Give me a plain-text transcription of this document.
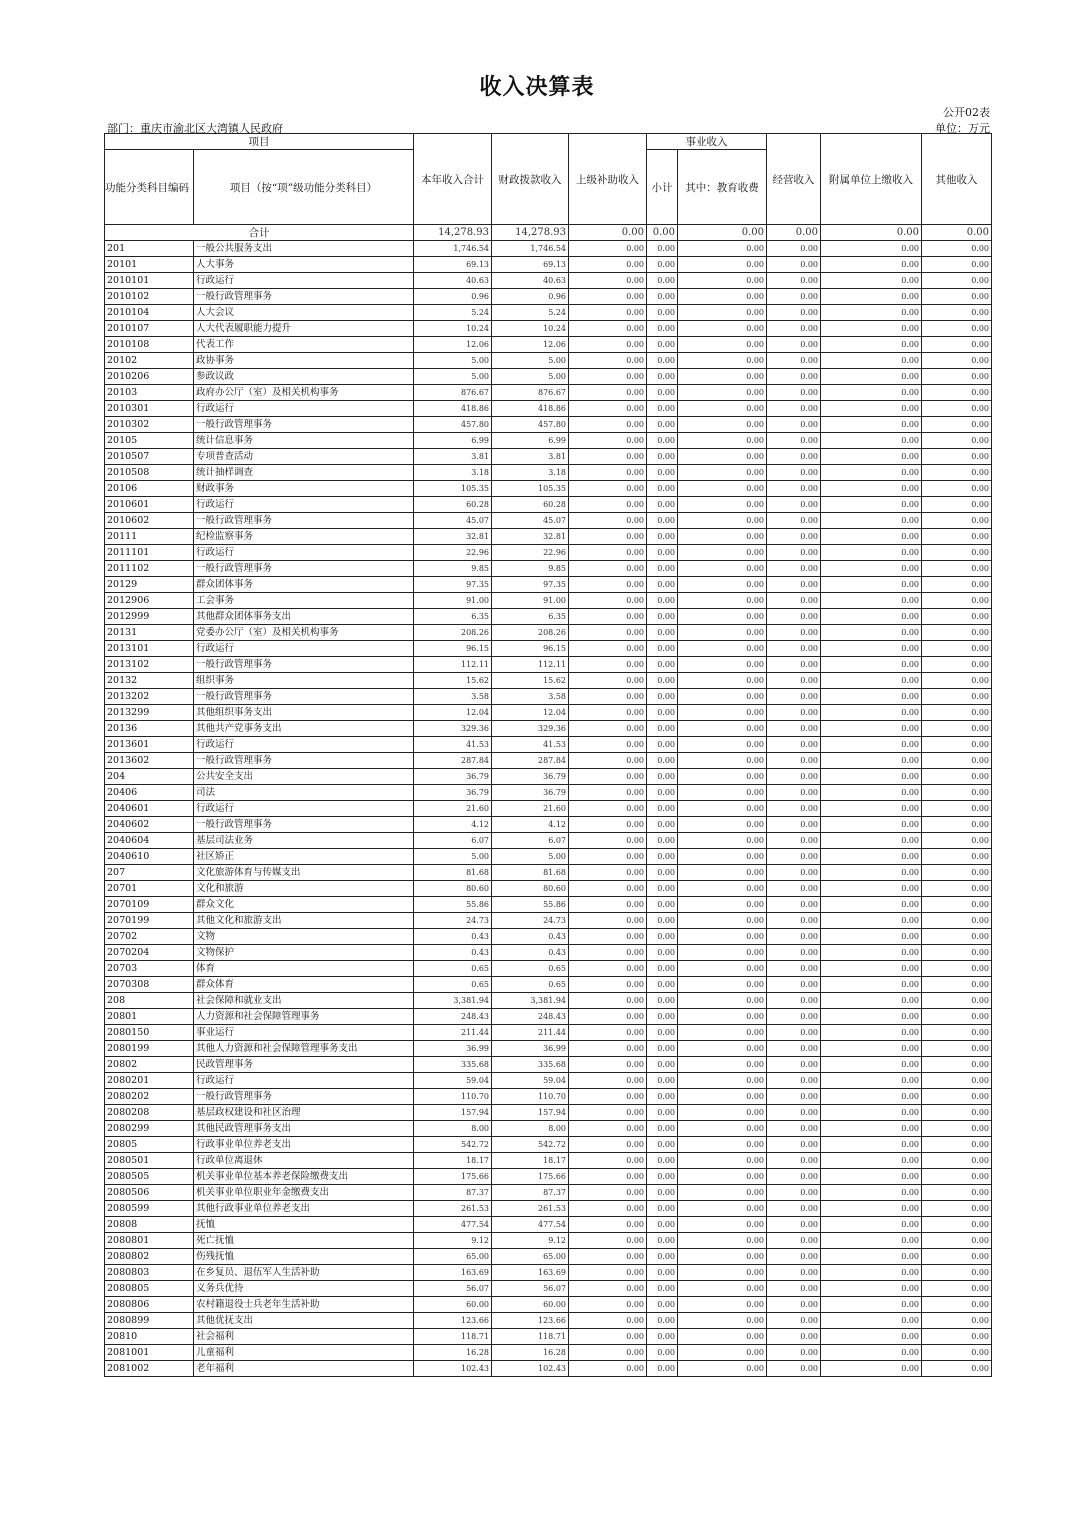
收入决算表
公开02表
部门：重庆市渝北区大湾镇人民政府	单位：万元
项目		本年收入合计	财政拨款收入	上级补助收入	事业收入		经营收入	附属单位上缴收入	其他收入
功能分类科目编码	项目（按“项”级功能分类科目）				小计	其中：教育收费			
合计		14,278.93	14,278.93	0.00	0.00	0.00	0.00	0.00	0.00
201	一般公共服务支出	1,746.54	1,746.54	0.00	0.00	0.00	0.00	0.00	0.00
20101	人大事务	69.13	69.13	0.00	0.00	0.00	0.00	0.00	0.00
2010101	行政运行	40.63	40.63	0.00	0.00	0.00	0.00	0.00	0.00
2010102	一般行政管理事务	0.96	0.96	0.00	0.00	0.00	0.00	0.00	0.00
2010104	人大会议	5.24	5.24	0.00	0.00	0.00	0.00	0.00	0.00
2010107	人大代表履职能力提升	10.24	10.24	0.00	0.00	0.00	0.00	0.00	0.00
2010108	代表工作	12.06	12.06	0.00	0.00	0.00	0.00	0.00	0.00
20102	政协事务	5.00	5.00	0.00	0.00	0.00	0.00	0.00	0.00
2010206	参政议政	5.00	5.00	0.00	0.00	0.00	0.00	0.00	0.00
20103	政府办公厅（室）及相关机构事务	876.67	876.67	0.00	0.00	0.00	0.00	0.00	0.00
2010301	行政运行	418.86	418.86	0.00	0.00	0.00	0.00	0.00	0.00
2010302	一般行政管理事务	457.80	457.80	0.00	0.00	0.00	0.00	0.00	0.00
20105	统计信息事务	6.99	6.99	0.00	0.00	0.00	0.00	0.00	0.00
2010507	专项普查活动	3.81	3.81	0.00	0.00	0.00	0.00	0.00	0.00
2010508	统计抽样调查	3.18	3.18	0.00	0.00	0.00	0.00	0.00	0.00
20106	财政事务	105.35	105.35	0.00	0.00	0.00	0.00	0.00	0.00
2010601	行政运行	60.28	60.28	0.00	0.00	0.00	0.00	0.00	0.00
2010602	一般行政管理事务	45.07	45.07	0.00	0.00	0.00	0.00	0.00	0.00
20111	纪检监察事务	32.81	32.81	0.00	0.00	0.00	0.00	0.00	0.00
2011101	行政运行	22.96	22.96	0.00	0.00	0.00	0.00	0.00	0.00
2011102	一般行政管理事务	9.85	9.85	0.00	0.00	0.00	0.00	0.00	0.00
20129	群众团体事务	97.35	97.35	0.00	0.00	0.00	0.00	0.00	0.00
2012906	工会事务	91.00	91.00	0.00	0.00	0.00	0.00	0.00	0.00
2012999	其他群众团体事务支出	6.35	6.35	0.00	0.00	0.00	0.00	0.00	0.00
20131	党委办公厅（室）及相关机构事务	208.26	208.26	0.00	0.00	0.00	0.00	0.00	0.00
2013101	行政运行	96.15	96.15	0.00	0.00	0.00	0.00	0.00	0.00
2013102	一般行政管理事务	112.11	112.11	0.00	0.00	0.00	0.00	0.00	0.00
20132	组织事务	15.62	15.62	0.00	0.00	0.00	0.00	0.00	0.00
2013202	一般行政管理事务	3.58	3.58	0.00	0.00	0.00	0.00	0.00	0.00
2013299	其他组织事务支出	12.04	12.04	0.00	0.00	0.00	0.00	0.00	0.00
20136	其他共产党事务支出	329.36	329.36	0.00	0.00	0.00	0.00	0.00	0.00
2013601	行政运行	41.53	41.53	0.00	0.00	0.00	0.00	0.00	0.00
2013602	一般行政管理事务	287.84	287.84	0.00	0.00	0.00	0.00	0.00	0.00
204	公共安全支出	36.79	36.79	0.00	0.00	0.00	0.00	0.00	0.00
20406	司法	36.79	36.79	0.00	0.00	0.00	0.00	0.00	0.00
2040601	行政运行	21.60	21.60	0.00	0.00	0.00	0.00	0.00	0.00
2040602	一般行政管理事务	4.12	4.12	0.00	0.00	0.00	0.00	0.00	0.00
2040604	基层司法业务	6.07	6.07	0.00	0.00	0.00	0.00	0.00	0.00
2040610	社区矫正	5.00	5.00	0.00	0.00	0.00	0.00	0.00	0.00
207	文化旅游体育与传媒支出	81.68	81.68	0.00	0.00	0.00	0.00	0.00	0.00
20701	文化和旅游	80.60	80.60	0.00	0.00	0.00	0.00	0.00	0.00
2070109	群众文化	55.86	55.86	0.00	0.00	0.00	0.00	0.00	0.00
2070199	其他文化和旅游支出	24.73	24.73	0.00	0.00	0.00	0.00	0.00	0.00
20702	文物	0.43	0.43	0.00	0.00	0.00	0.00	0.00	0.00
2070204	文物保护	0.43	0.43	0.00	0.00	0.00	0.00	0.00	0.00
20703	体育	0.65	0.65	0.00	0.00	0.00	0.00	0.00	0.00
2070308	群众体育	0.65	0.65	0.00	0.00	0.00	0.00	0.00	0.00
208	社会保障和就业支出	3,381.94	3,381.94	0.00	0.00	0.00	0.00	0.00	0.00
20801	人力资源和社会保障管理事务	248.43	248.43	0.00	0.00	0.00	0.00	0.00	0.00
2080150	事业运行	211.44	211.44	0.00	0.00	0.00	0.00	0.00	0.00
2080199	其他人力资源和社会保障管理事务支出	36.99	36.99	0.00	0.00	0.00	0.00	0.00	0.00
20802	民政管理事务	335.68	335.68	0.00	0.00	0.00	0.00	0.00	0.00
2080201	行政运行	59.04	59.04	0.00	0.00	0.00	0.00	0.00	0.00
2080202	一般行政管理事务	110.70	110.70	0.00	0.00	0.00	0.00	0.00	0.00
2080208	基层政权建设和社区治理	157.94	157.94	0.00	0.00	0.00	0.00	0.00	0.00
2080299	其他民政管理事务支出	8.00	8.00	0.00	0.00	0.00	0.00	0.00	0.00
20805	行政事业单位养老支出	542.72	542.72	0.00	0.00	0.00	0.00	0.00	0.00
2080501	行政单位离退休	18.17	18.17	0.00	0.00	0.00	0.00	0.00	0.00
2080505	机关事业单位基本养老保险缴费支出	175.66	175.66	0.00	0.00	0.00	0.00	0.00	0.00
2080506	机关事业单位职业年金缴费支出	87.37	87.37	0.00	0.00	0.00	0.00	0.00	0.00
2080599	其他行政事业单位养老支出	261.53	261.53	0.00	0.00	0.00	0.00	0.00	0.00
20808	抚恤	477.54	477.54	0.00	0.00	0.00	0.00	0.00	0.00
2080801	死亡抚恤	9.12	9.12	0.00	0.00	0.00	0.00	0.00	0.00
2080802	伤残抚恤	65.00	65.00	0.00	0.00	0.00	0.00	0.00	0.00
2080803	在乡复员、退伍军人生活补助	163.69	163.69	0.00	0.00	0.00	0.00	0.00	0.00
2080805	义务兵优待	56.07	56.07	0.00	0.00	0.00	0.00	0.00	0.00
2080806	农村籍退役士兵老年生活补助	60.00	60.00	0.00	0.00	0.00	0.00	0.00	0.00
2080899	其他优抚支出	123.66	123.66	0.00	0.00	0.00	0.00	0.00	0.00
20810	社会福利	118.71	118.71	0.00	0.00	0.00	0.00	0.00	0.00
2081001	儿童福利	16.28	16.28	0.00	0.00	0.00	0.00	0.00	0.00
2081002	老年福利	102.43	102.43	0.00	0.00	0.00	0.00	0.00	0.00
